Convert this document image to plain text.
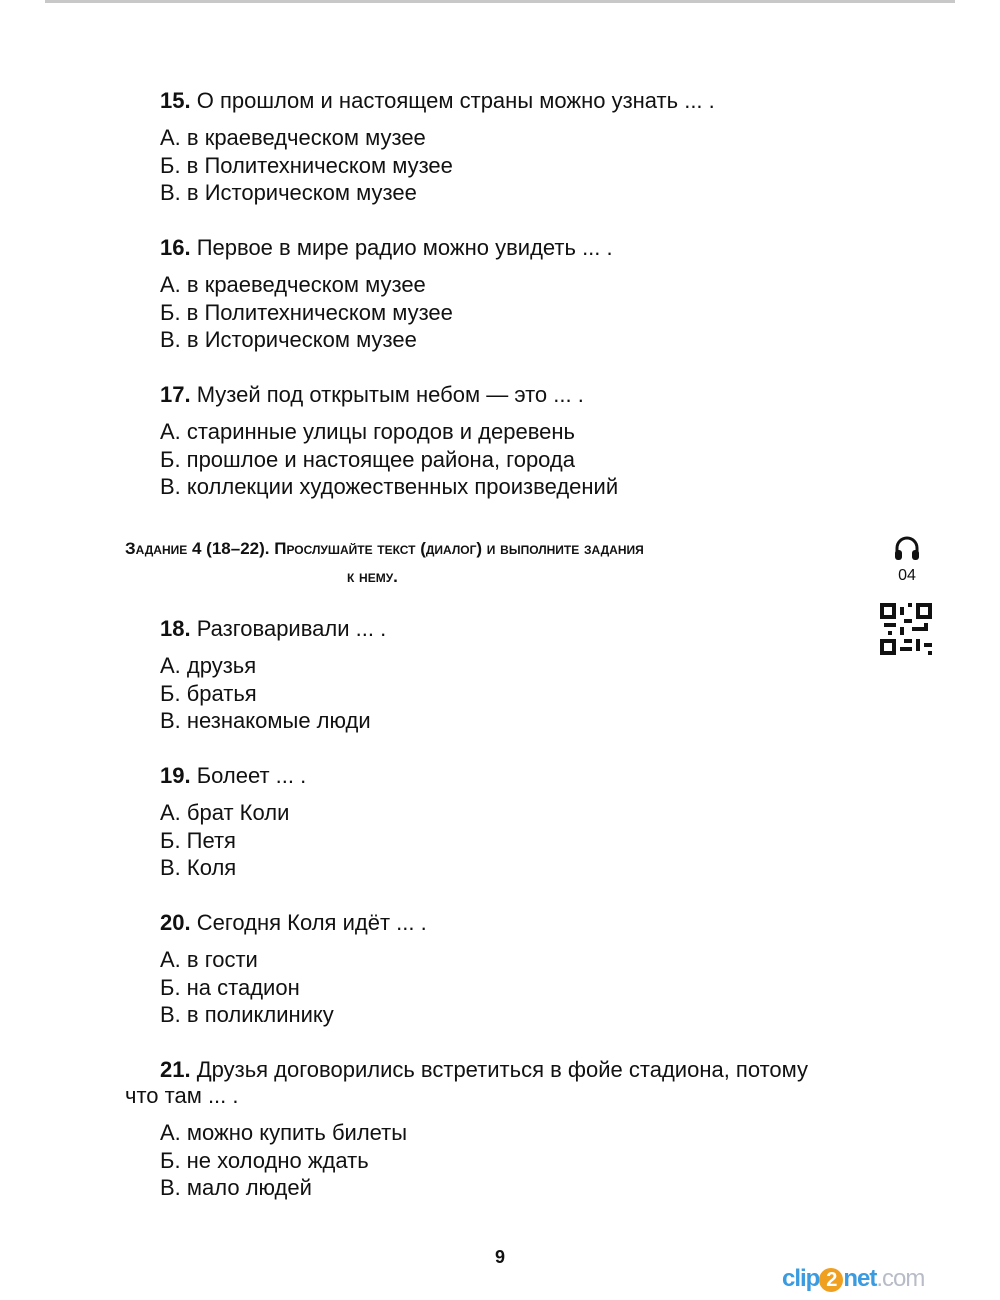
15. О прошлом и настоящем страны можно узнать ... .
А. в краеведческом музее
Б. в Политехническом музее
В. в Историческом музее
16. Первое в мире радио можно увидеть ... .
А. в краеведческом музее
Б. в Политехническом музее
В. в Историческом музее
17. Музей под открытым небом — это ... .
А. старинные улицы городов и деревень
Б. прошлое и настоящее района, города
В. коллекции художественных произведений
18. Разговаривали ... .
А. друзья
Б. братья
В. незнакомые люди
19. Болеет ... .
А. брат Коли
Б. Петя
В. Коля
20. Сегодня Коля идёт ... .
А. в гости
Б. на стадион
В. в поликлинику
21. Друзья договорились встретиться в фойе стадиона, потому
что там ... .
А. можно купить билеты
Б. не холодно ждать
В. мало людей
Задание 4 (18–22). Прослушайте текст (диалог) и выполните задания
к нему.	04
9
clip 2 net.com
